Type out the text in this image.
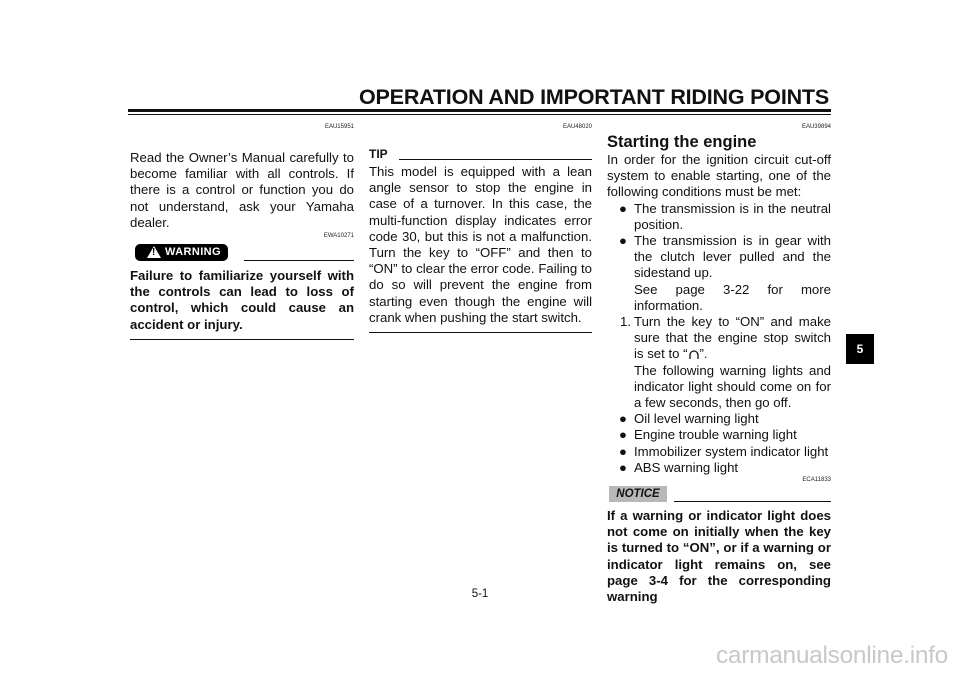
OPERATION AND IMPORTANT RIDING POINTS
EAU15951

Read the Owner’s Manual carefully to become familiar with all controls. If there is a control or function you do not understand, ask your Yamaha dealer.

EWA10271
! WARNING

Failure to familiarize yourself with the controls can lead to loss of control, which could cause an accident or injury.

EAU48020
TIP

This model is equipped with a lean angle sensor to stop the engine in case of a turnover. In this case, the multi-function display indicates error code 30, but this is not a malfunction. Turn the key to “OFF” and then to “ON” to clear the error code. Failing to do so will prevent the engine from starting even though the engine will crank when pushing the start switch.

EAU39894
Starting the engine

In order for the ignition circuit cut-off system to enable starting, one of the following conditions must be met:

● The transmission is in the neutral position.
● The transmission is in gear with the clutch lever pulled and the sidestand up.
See page 3-22 for more information.
1. Turn the key to “ON” and make sure that the engine stop switch is set to “ ”.
The following warning lights and indicator light should come on for a few seconds, then go off.
● Oil level warning light
● Engine trouble warning light
● Immobilizer system indicator light
● ABS warning light
ECA11833
NOTICE

If a warning or indicator light does not come on initially when the key is turned to “ON”, or if a warning or indicator light remains on, see page 3-4 for the corresponding warning

5-1
5
carmanualsonline.info
